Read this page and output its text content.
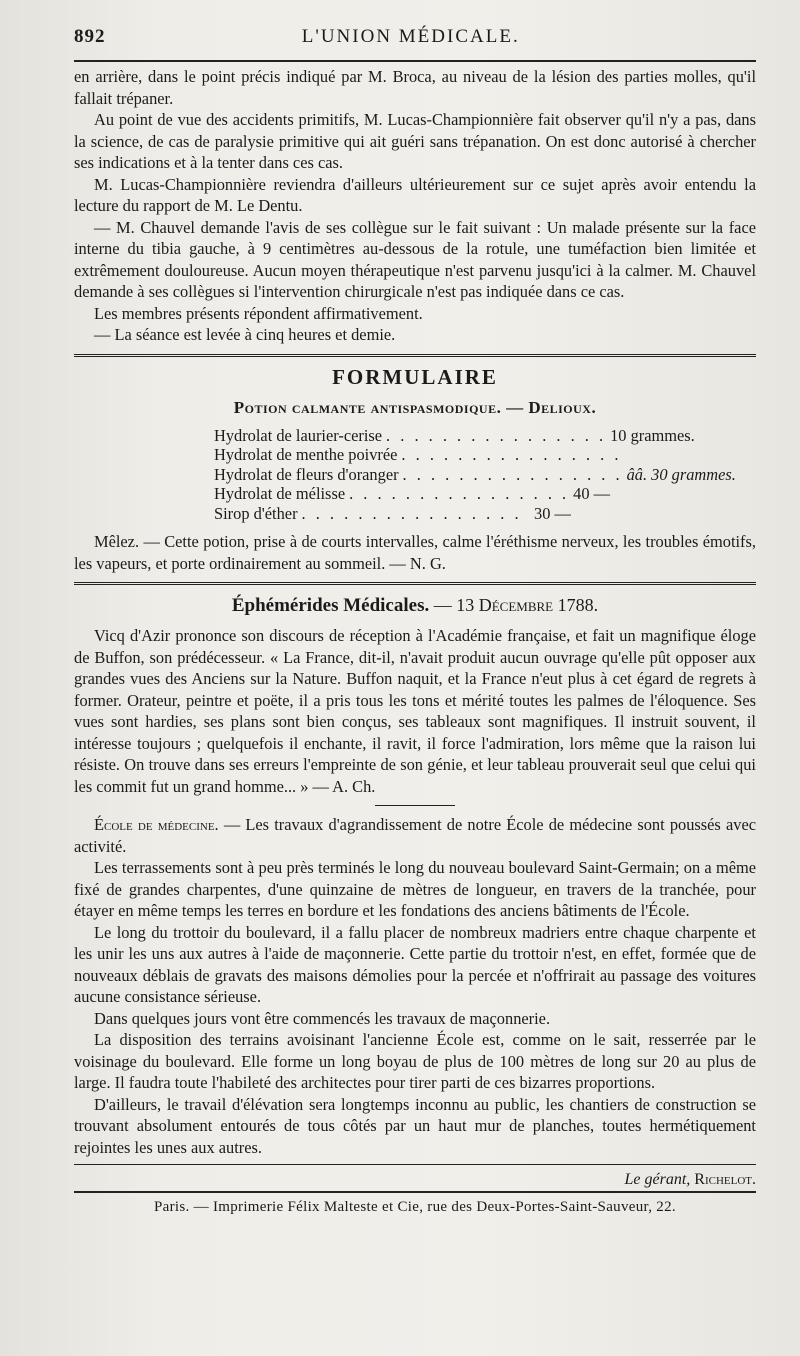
892	L'UNION MÉDICALE.

en arrière, dans le point précis indiqué par M. Broca, au niveau de la lésion des parties molles, qu'il fallait trépaner.

Au point de vue des accidents primitifs, M. Lucas-Championnière fait observer qu'il n'y a pas, dans la science, de cas de paralysie primitive qui ait guéri sans trépanation. On est donc autorisé à chercher ses indications et à la tenter dans ces cas.

M. Lucas-Championnière reviendra d'ailleurs ultérieurement sur ce sujet après avoir entendu la lecture du rapport de M. Le Dentu.

— M. Chauvel demande l'avis de ses collègue sur le fait suivant : Un malade présente sur la face interne du tibia gauche, à 9 centimètres au-dessous de la rotule, une tuméfaction bien limitée et extrêmement douloureuse. Aucun moyen thérapeutique n'est parvenu jusqu'ici à la calmer. M. Chauvel demande à ses collègues si l'intervention chirurgicale n'est pas indiquée dans ce cas.

Les membres présents répondent affirmativement.

— La séance est levée à cinq heures et demie.

FORMULAIRE
Potion calmante antispasmodique. — Delioux.
Hydrolat de laurier-cerise . . . . . . . . . . . . . . . . 10 grammes.
Hydrolat de menthe poivrée . . . . . . . . . . . . . . . .
Hydrolat de fleurs d'oranger . . . . . . . . . . . . . . . . ââ. 30 grammes.
Hydrolat de mélisse . . . . . . . . . . . . . . . . 40 —
Sirop d'éther . . . . . . . . . . . . . . . . 30 —

Mêlez. — Cette potion, prise à de courts intervalles, calme l'éréthisme nerveux, les troubles émotifs, les vapeurs, et porte ordinairement au sommeil. — N. G.

Éphémérides Médicales. — 13 Décembre 1788.

Vicq d'Azir prononce son discours de réception à l'Académie française, et fait un magnifique éloge de Buffon, son prédécesseur. « La France, dit-il, n'avait produit aucun ouvrage qu'elle pût opposer aux grandes vues des Anciens sur la Nature. Buffon naquit, et la France n'eut plus à cet égard de regrets à former. Orateur, peintre et poëte, il a pris tous les tons et mérité toutes les palmes de l'éloquence. Ses vues sont hardies, ses plans sont bien conçus, ses tableaux sont magnifiques. Il instruit souvent, il intéresse toujours ; quelquefois il enchante, il ravit, il force l'admiration, lors même que la raison lui résiste. On trouve dans ses erreurs l'empreinte de son génie, et leur tableau prouverait seul que celui qui les commit fut un grand homme... » — A. Ch.

École de médecine. — Les travaux d'agrandissement de notre École de médecine sont poussés avec activité.

Les terrassements sont à peu près terminés le long du nouveau boulevard Saint-Germain; on a même fixé de grandes charpentes, d'une quinzaine de mètres de longueur, en travers de la tranchée, pour étayer en même temps les terres en bordure et les fondations des anciens bâtiments de l'École.

Le long du trottoir du boulevard, il a fallu placer de nombreux madriers entre chaque charpente et les unir les uns aux autres à l'aide de maçonnerie. Cette partie du trottoir n'est, en effet, formée que de nouveaux déblais de gravats des maisons démolies pour la percée et n'offrirait au passage des voitures aucune consistance sérieuse.

Dans quelques jours vont être commencés les travaux de maçonnerie.

La disposition des terrains avoisinant l'ancienne École est, comme on le sait, resserrée par le voisinage du boulevard. Elle forme un long boyau de plus de 100 mètres de long sur 20 au plus de large. Il faudra toute l'habileté des architectes pour tirer parti de ces bizarres proportions.

D'ailleurs, le travail d'élévation sera longtemps inconnu au public, les chantiers de construction se trouvant absolument entourés de tous côtés par un haut mur de planches, toutes hermétiquement rejointes les unes aux autres.

Le gérant, Richelot.
Paris. — Imprimerie Félix Malteste et Cie, rue des Deux-Portes-Saint-Sauveur, 22.
